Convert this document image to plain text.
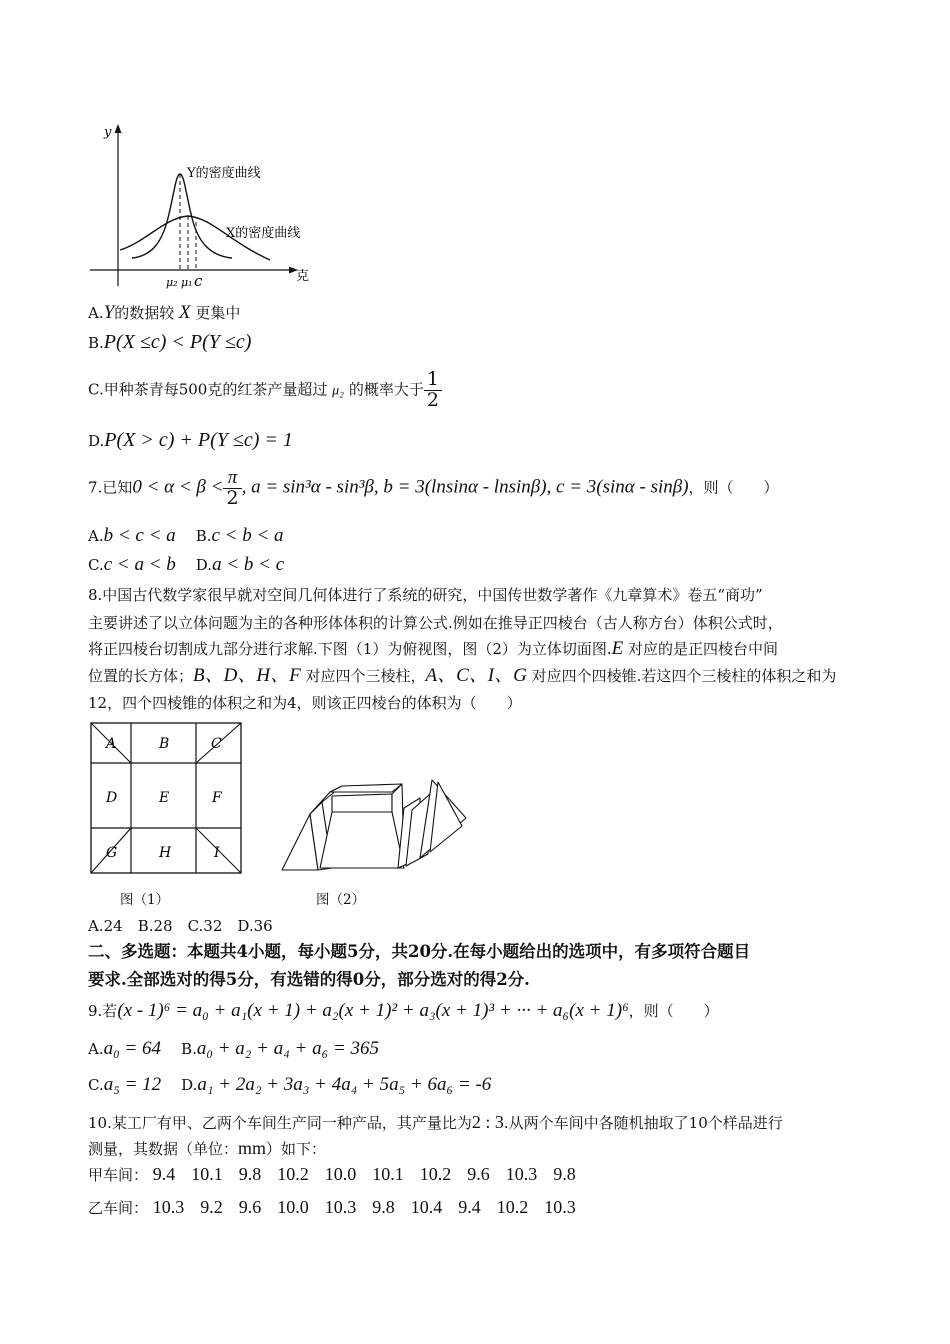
y
克
Y的密度曲线
X的密度曲线
μ₂ μ₁ c
A.Y的数据较 X 更集中
B.P(X ≤c) < P(Y ≤c)
C.甲种茶青每500克的红茶产量超过 μ₂ 的概率大于 $\frac{1}{2}$
D.P(X > c) + P(Y ≤c) = 1
7.已知$0 < \alpha < \beta < \frac{\pi}{2}$ , a = sin³α - sin³β, b = 3(lnsinα - lnsinβ), c = 3(sinα - sinβ)，则（　　）
A.b < c < a B.c < b < a
C.c < a < b D.a < b < c
8.中国古代数学家很早就对空间几何体进行了系统的研究，中国传世数学著作《九章算术》卷五“商功”
主要讲述了以立体问题为主的各种形体体积的计算公式.例如在推导正四棱台（古人称方台）体积公式时，
将正四棱台切割成九部分进行求解.下图（1）为俯视图，图（2）为立体切面图.E 对应的是正四棱台中间
位置的长方体；B、D、H、F 对应四个三棱柱，A、C、I、G 对应四个四棱锥.若这四个三棱柱的体积之和为
12，四个四棱锥的体积之和为4，则该正四棱台的体积为（　　）
A	B	C
D	E	F
G	H	I
图（1）	图（2）
A.24　B.28　C.32　D.36
二、多选题：本题共4小题，每小题5分，共20分.在每小题给出的选项中，有多项符合题目
要求.全部选对的得5分，有选错的得0分，部分选对的得2分.
9.若(x - 1)⁶ = a₀ + a₁(x + 1) + a₂(x + 1)² + a₃(x + 1)³ + ··· + a₆(x + 1)⁶，则（　　）
A.a₀ = 64 B.a₀ + a₂ + a₄ + a₆ = 365
C.a₅ = 12 D.a₁ + 2a₂ + 3a₃ + 4a₄ + 5a₅ + 6a₆ = -6
10.某工厂有甲、乙两个车间生产同一种产品，其产量比为2 : 3.从两个车间中各随机抽取了10个样品进行
测量，其数据（单位：mm）如下：
甲车间： 9.4 10.1 9.8 10.2 10.0 10.1 10.2 9.6 10.3 9.8
乙车间： 10.3 9.2 9.6 10.0 10.3 9.8 10.4 9.4 10.2 10.3
